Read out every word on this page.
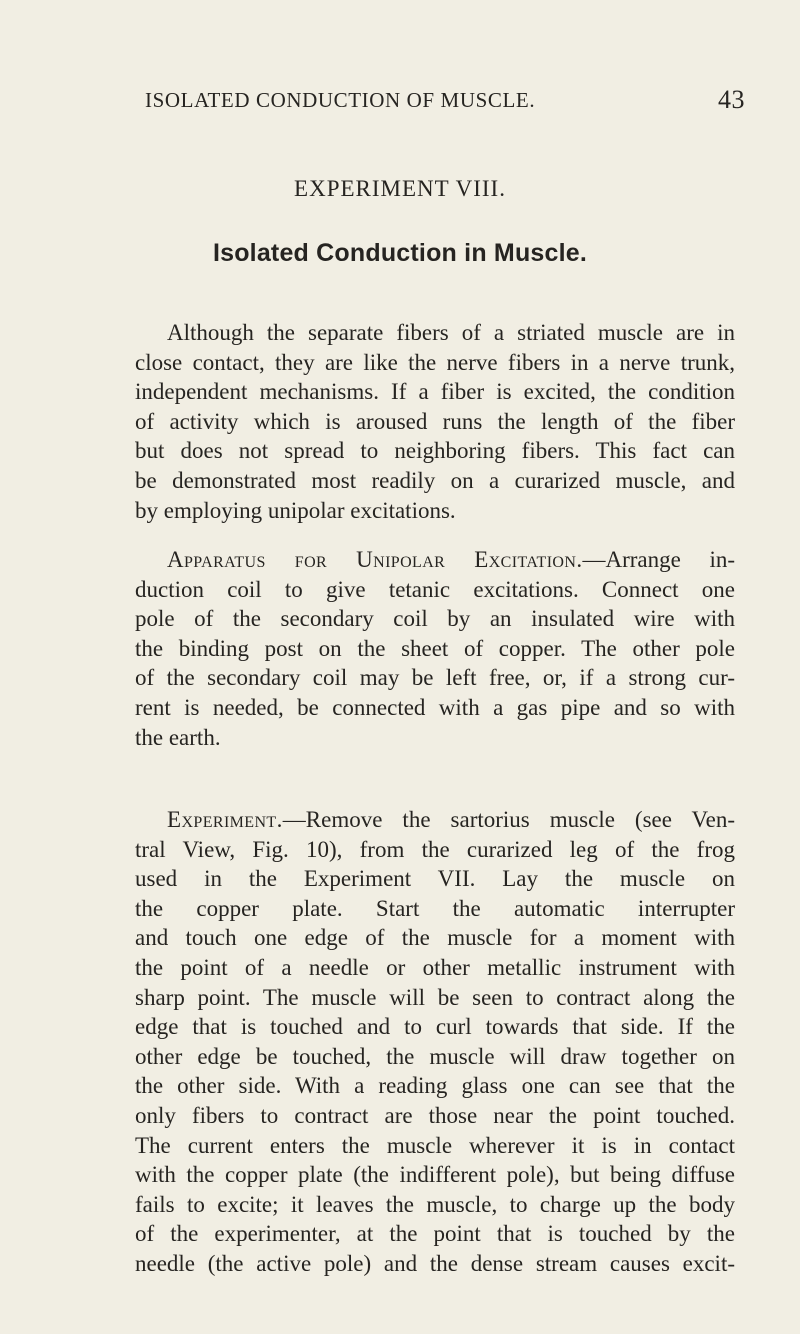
ISOLATED CONDUCTION OF MUSCLE.	43
EXPERIMENT VIII.
Isolated Conduction in Muscle.
Although the separate fibers of a striated muscle are in
close contact, they are like the nerve fibers in a nerve trunk,
independent mechanisms. If a fiber is excited, the condition
of activity which is aroused runs the length of the fiber
but does not spread to neighboring fibers. This fact can
be demonstrated most readily on a curarized muscle, and
by employing unipolar excitations.
Apparatus for Unipolar Excitation.—Arrange in-
duction coil to give tetanic excitations. Connect one
pole of the secondary coil by an insulated wire with
the binding post on the sheet of copper. The other pole
of the secondary coil may be left free, or, if a strong cur-
rent is needed, be connected with a gas pipe and so with
the earth.
Experiment.—Remove the sartorius muscle (see Ven-
tral View, Fig. 10), from the curarized leg of the frog
used in the Experiment VII. Lay the muscle on
the copper plate. Start the automatic interrupter
and touch one edge of the muscle for a moment with
the point of a needle or other metallic instrument with
sharp point. The muscle will be seen to contract along the
edge that is touched and to curl towards that side. If the
other edge be touched, the muscle will draw together on
the other side. With a reading glass one can see that the
only fibers to contract are those near the point touched.
The current enters the muscle wherever it is in contact
with the copper plate (the indifferent pole), but being diffuse
fails to excite; it leaves the muscle, to charge up the body
of the experimenter, at the point that is touched by the
needle (the active pole) and the dense stream causes excit-
